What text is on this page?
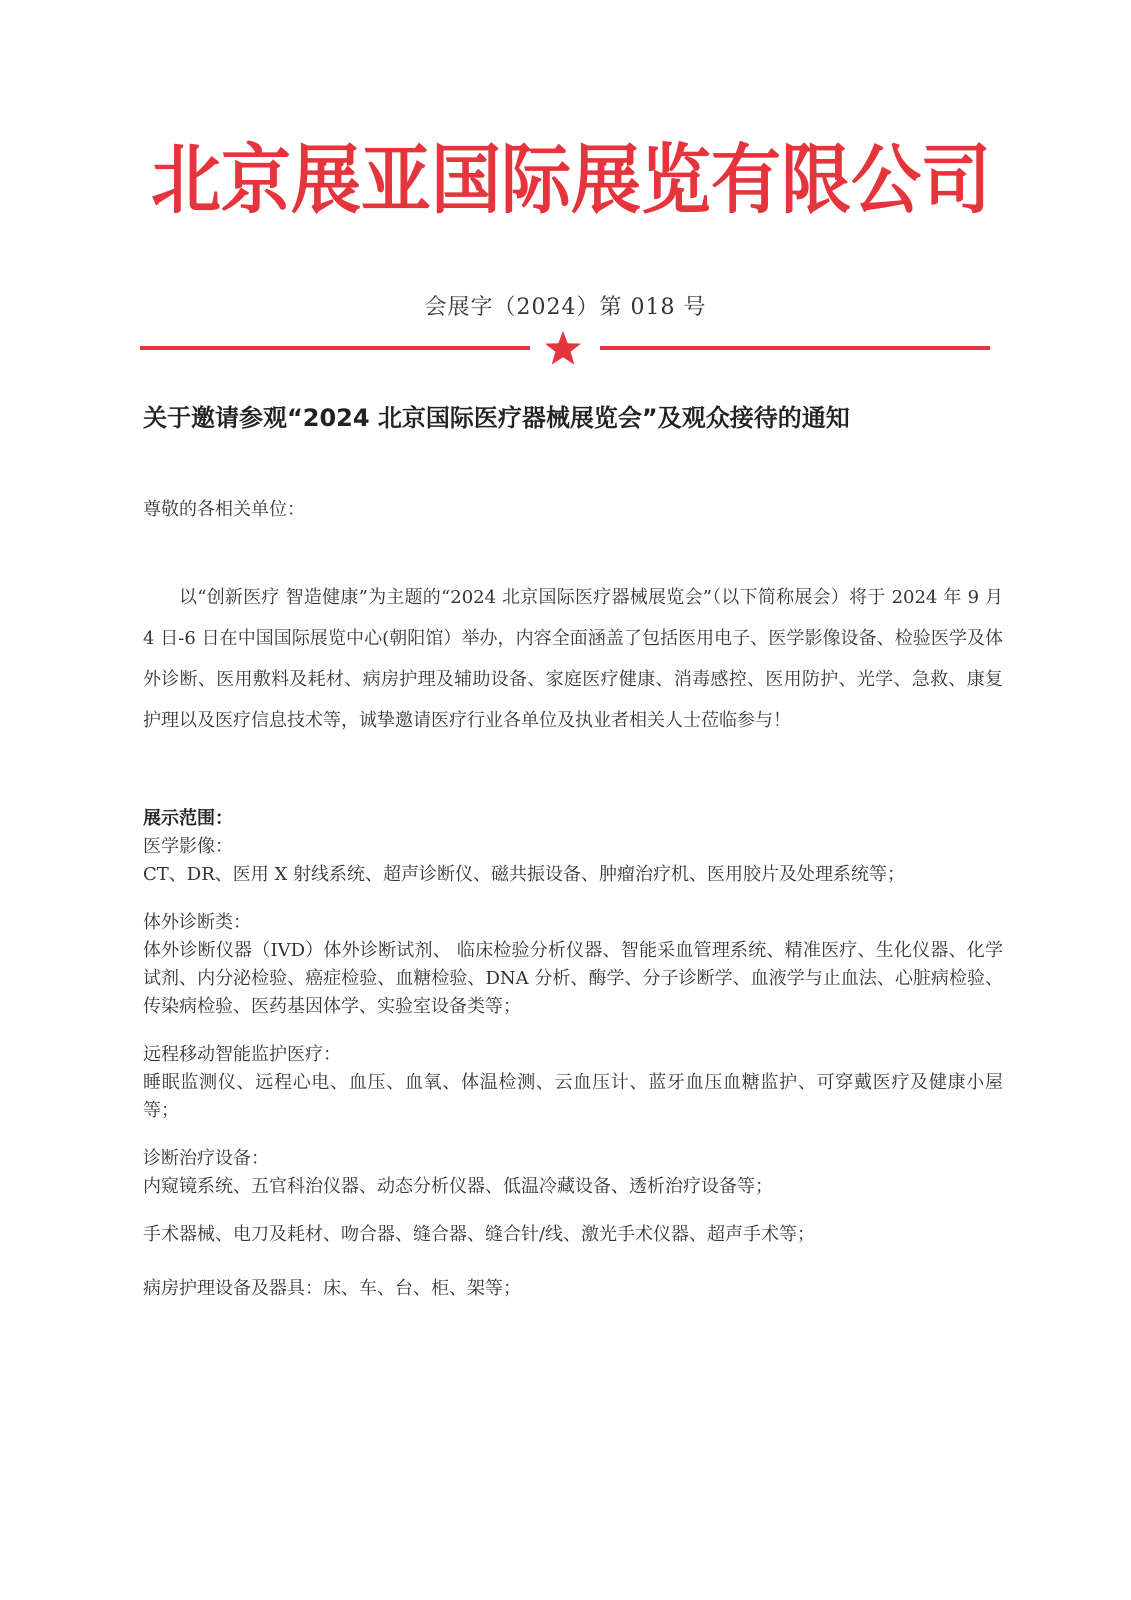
北京展亚国际展览有限公司
会展字（2024）第 018 号
关于邀请参观“2024 北京国际医疗器械展览会”及观众接待的通知
尊敬的各相关单位：

以“创新医疗 智造健康”为主题的“2024 北京国际医疗器械展览会”（以下简称展会）将于 2024 年 9 月 4 日-6 日在中国国际展览中心(朝阳馆）举办，内容全面涵盖了包括医用电子、医学影像设备、检验医学及体外诊断、医用敷料及耗材、病房护理及辅助设备、家庭医疗健康、消毒感控、医用防护、光学、急救、康复护理以及医疗信息技术等，诚挚邀请医疗行业各单位及执业者相关人士莅临参与！

展示范围：
医学影像：
CT、DR、医用 X 射线系统、超声诊断仪、磁共振设备、肿瘤治疗机、医用胶片及处理系统等；
体外诊断类：
体外诊断仪器（IVD）体外诊断试剂、 临床检验分析仪器、智能采血管理系统、精准医疗、生化仪器、化学试剂、内分泌检验、癌症检验、血糖检验、DNA 分析、酶学、分子诊断学、血液学与止血法、心脏病检验、传染病检验、医药基因体学、实验室设备类等；
远程移动智能监护医疗：
睡眠监测仪、远程心电、血压、血氧、体温检测、云血压计、蓝牙血压血糖监护、可穿戴医疗及健康小屋等；
诊断治疗设备：
内窥镜系统、五官科治仪器、动态分析仪器、低温冷藏设备、透析治疗设备等；
手术器械、电刀及耗材、吻合器、缝合器、缝合针/线、激光手术仪器、超声手术等；
病房护理设备及器具：床、车、台、柜、架等；
